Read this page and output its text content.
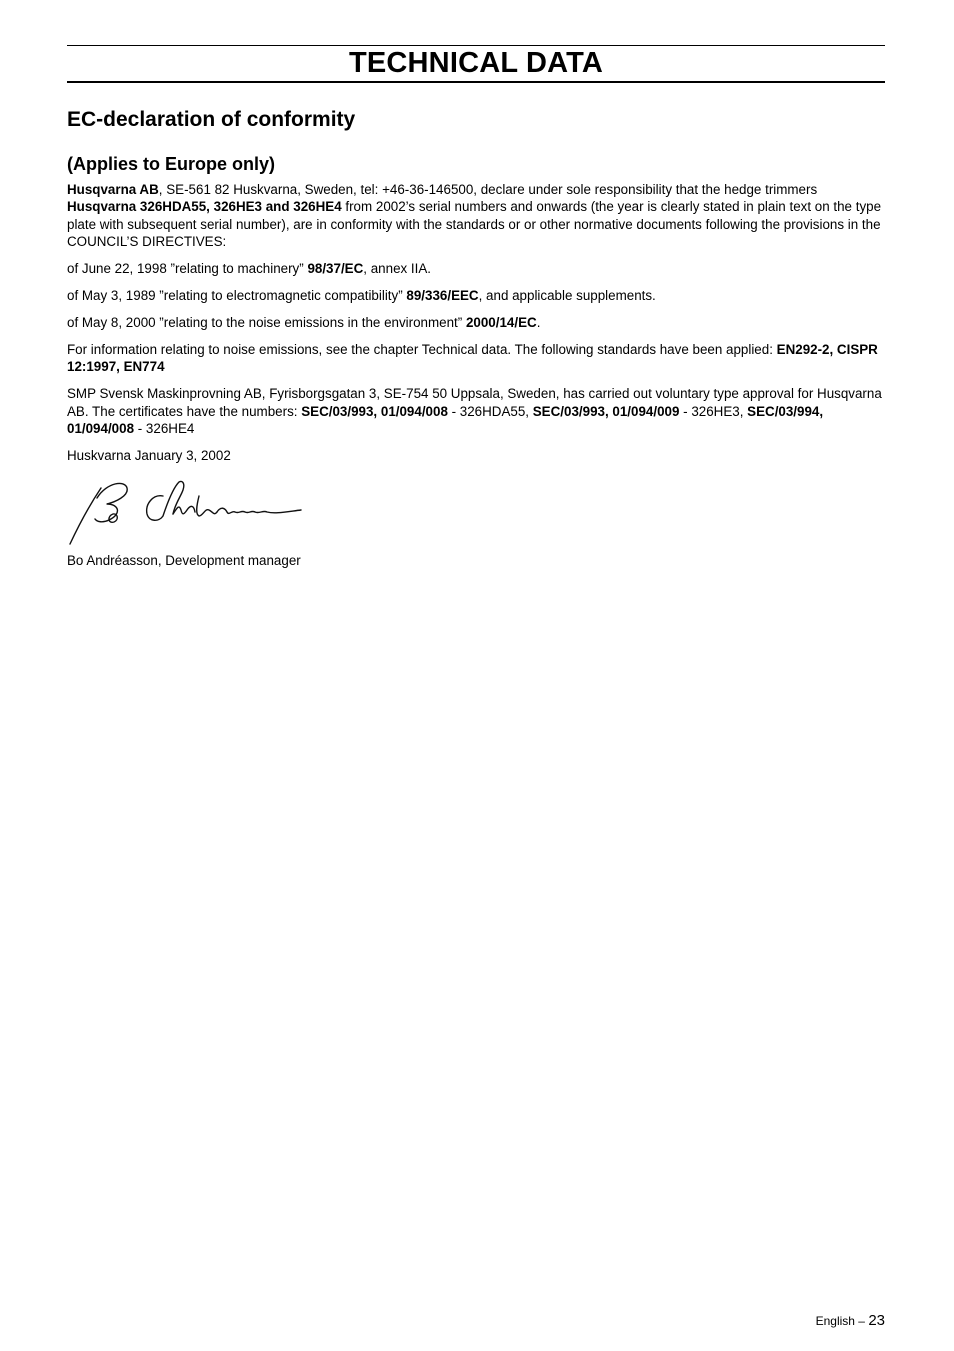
TECHNICAL DATA
EC-declaration of conformity
(Applies to Europe only)

Husqvarna AB, SE-561 82 Huskvarna, Sweden, tel: +46-36-146500, declare under sole responsibility that the hedge trimmers Husqvarna 326HDA55, 326HE3 and 326HE4 from 2002’s serial numbers and onwards (the year is clearly stated in plain text on the type plate with subsequent serial number), are in conformity with the standards or or other normative documents following the provisions in the COUNCIL’S DIRECTIVES:

of June 22, 1998 ”relating to machinery” 98/37/EC, annex IIA.

of May 3, 1989 ”relating to electromagnetic compatibility” 89/336/EEC, and applicable supplements.

of May 8, 2000 ”relating to the noise emissions in the environment” 2000/14/EC.

For information relating to noise emissions, see the chapter Technical data. The following standards have been applied: EN292-2, CISPR 12:1997, EN774

SMP Svensk Maskinprovning AB, Fyrisborgsgatan 3, SE-754 50 Uppsala, Sweden, has carried out voluntary type approval for Husqvarna AB. The certificates have the numbers: SEC/03/993, 01/094/008 - 326HDA55, SEC/03/993, 01/094/009 - 326HE3, SEC/03/994, 01/094/008 - 326HE4

Huskvarna January 3, 2002

Bo Andréasson, Development manager

English – 23
